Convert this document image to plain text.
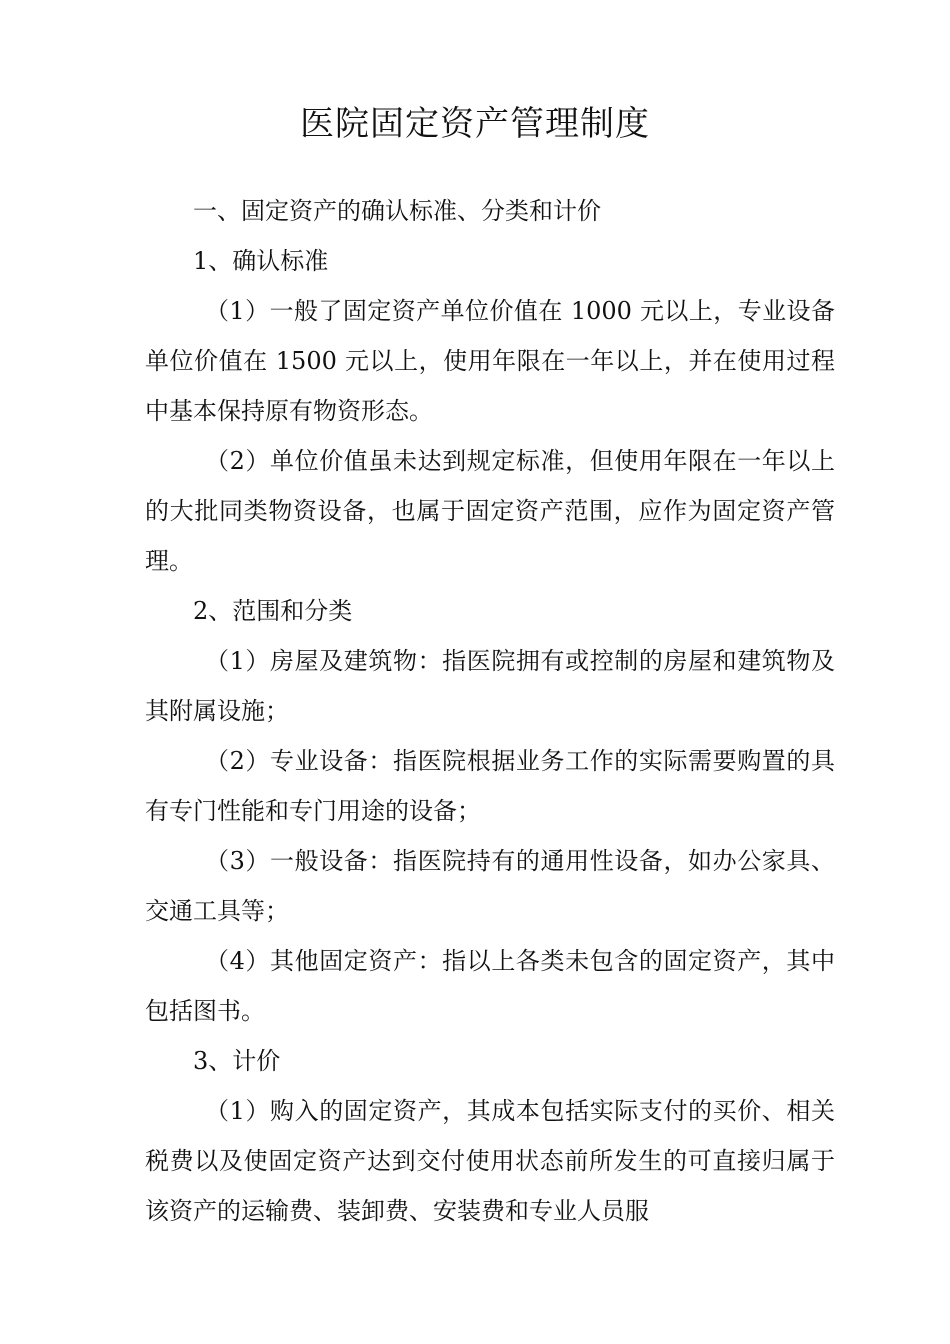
医院固定资产管理制度

一、固定资产的确认标准、分类和计价

1、确认标准

（1）一般了固定资产单位价值在 1000 元以上，专业设备单位价值在 1500 元以上，使用年限在一年以上，并在使用过程中基本保持原有物资形态。

（2）单位价值虽未达到规定标准，但使用年限在一年以上的大批同类物资设备，也属于固定资产范围，应作为固定资产管理。

2、范围和分类

（1）房屋及建筑物：指医院拥有或控制的房屋和建筑物及其附属设施；

（2）专业设备：指医院根据业务工作的实际需要购置的具有专门性能和专门用途的设备；

（3）一般设备：指医院持有的通用性设备，如办公家具、交通工具等；

（4）其他固定资产：指以上各类未包含的固定资产，其中包括图书。

3、计价

（1）购入的固定资产，其成本包括实际支付的买价、相关税费以及使固定资产达到交付使用状态前所发生的可直接归属于该资产的运输费、装卸费、安装费和专业人员服
